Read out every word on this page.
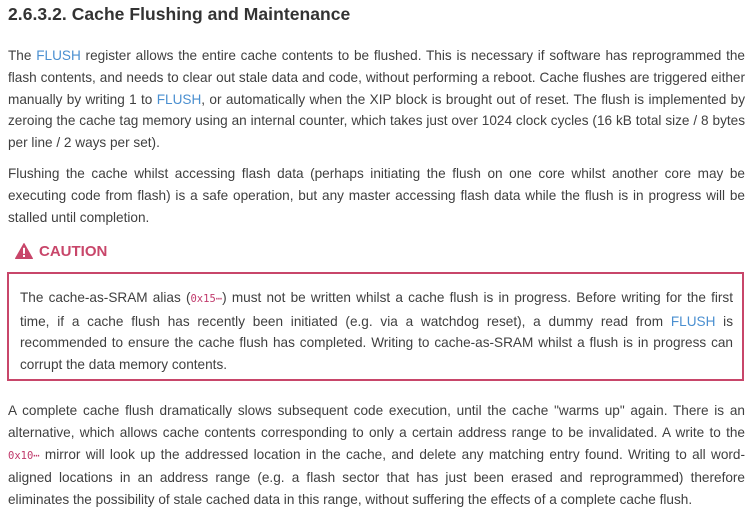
2.6.3.2. Cache Flushing and Maintenance

The FLUSH register allows the entire cache contents to be flushed. This is necessary if software has reprogrammed the flash contents, and needs to clear out stale data and code, without performing a reboot. Cache flushes are triggered either manually by writing 1 to FLUSH, or automatically when the XIP block is brought out of reset. The flush is implemented by zeroing the cache tag memory using an internal counter, which takes just over 1024 clock cycles (16 kB total size / 8 bytes per line / 2 ways per set).

Flushing the cache whilst accessing flash data (perhaps initiating the flush on one core whilst another core may be executing code from flash) is a safe operation, but any master accessing flash data while the flush is in progress will be stalled until completion.

CAUTION

The cache-as-SRAM alias (0x15⋯) must not be written whilst a cache flush is in progress. Before writing for the first time, if a cache flush has recently been initiated (e.g. via a watchdog reset), a dummy read from FLUSH is recommended to ensure the cache flush has completed. Writing to cache-as-SRAM whilst a flush is in progress can corrupt the data memory contents.

A complete cache flush dramatically slows subsequent code execution, until the cache "warms up" again. There is an alternative, which allows cache contents corresponding to only a certain address range to be invalidated. A write to the 0x10⋯ mirror will look up the addressed location in the cache, and delete any matching entry found. Writing to all word-aligned locations in an address range (e.g. a flash sector that has just been erased and reprogrammed) therefore eliminates the possibility of stale cached data in this range, without suffering the effects of a complete cache flush.
